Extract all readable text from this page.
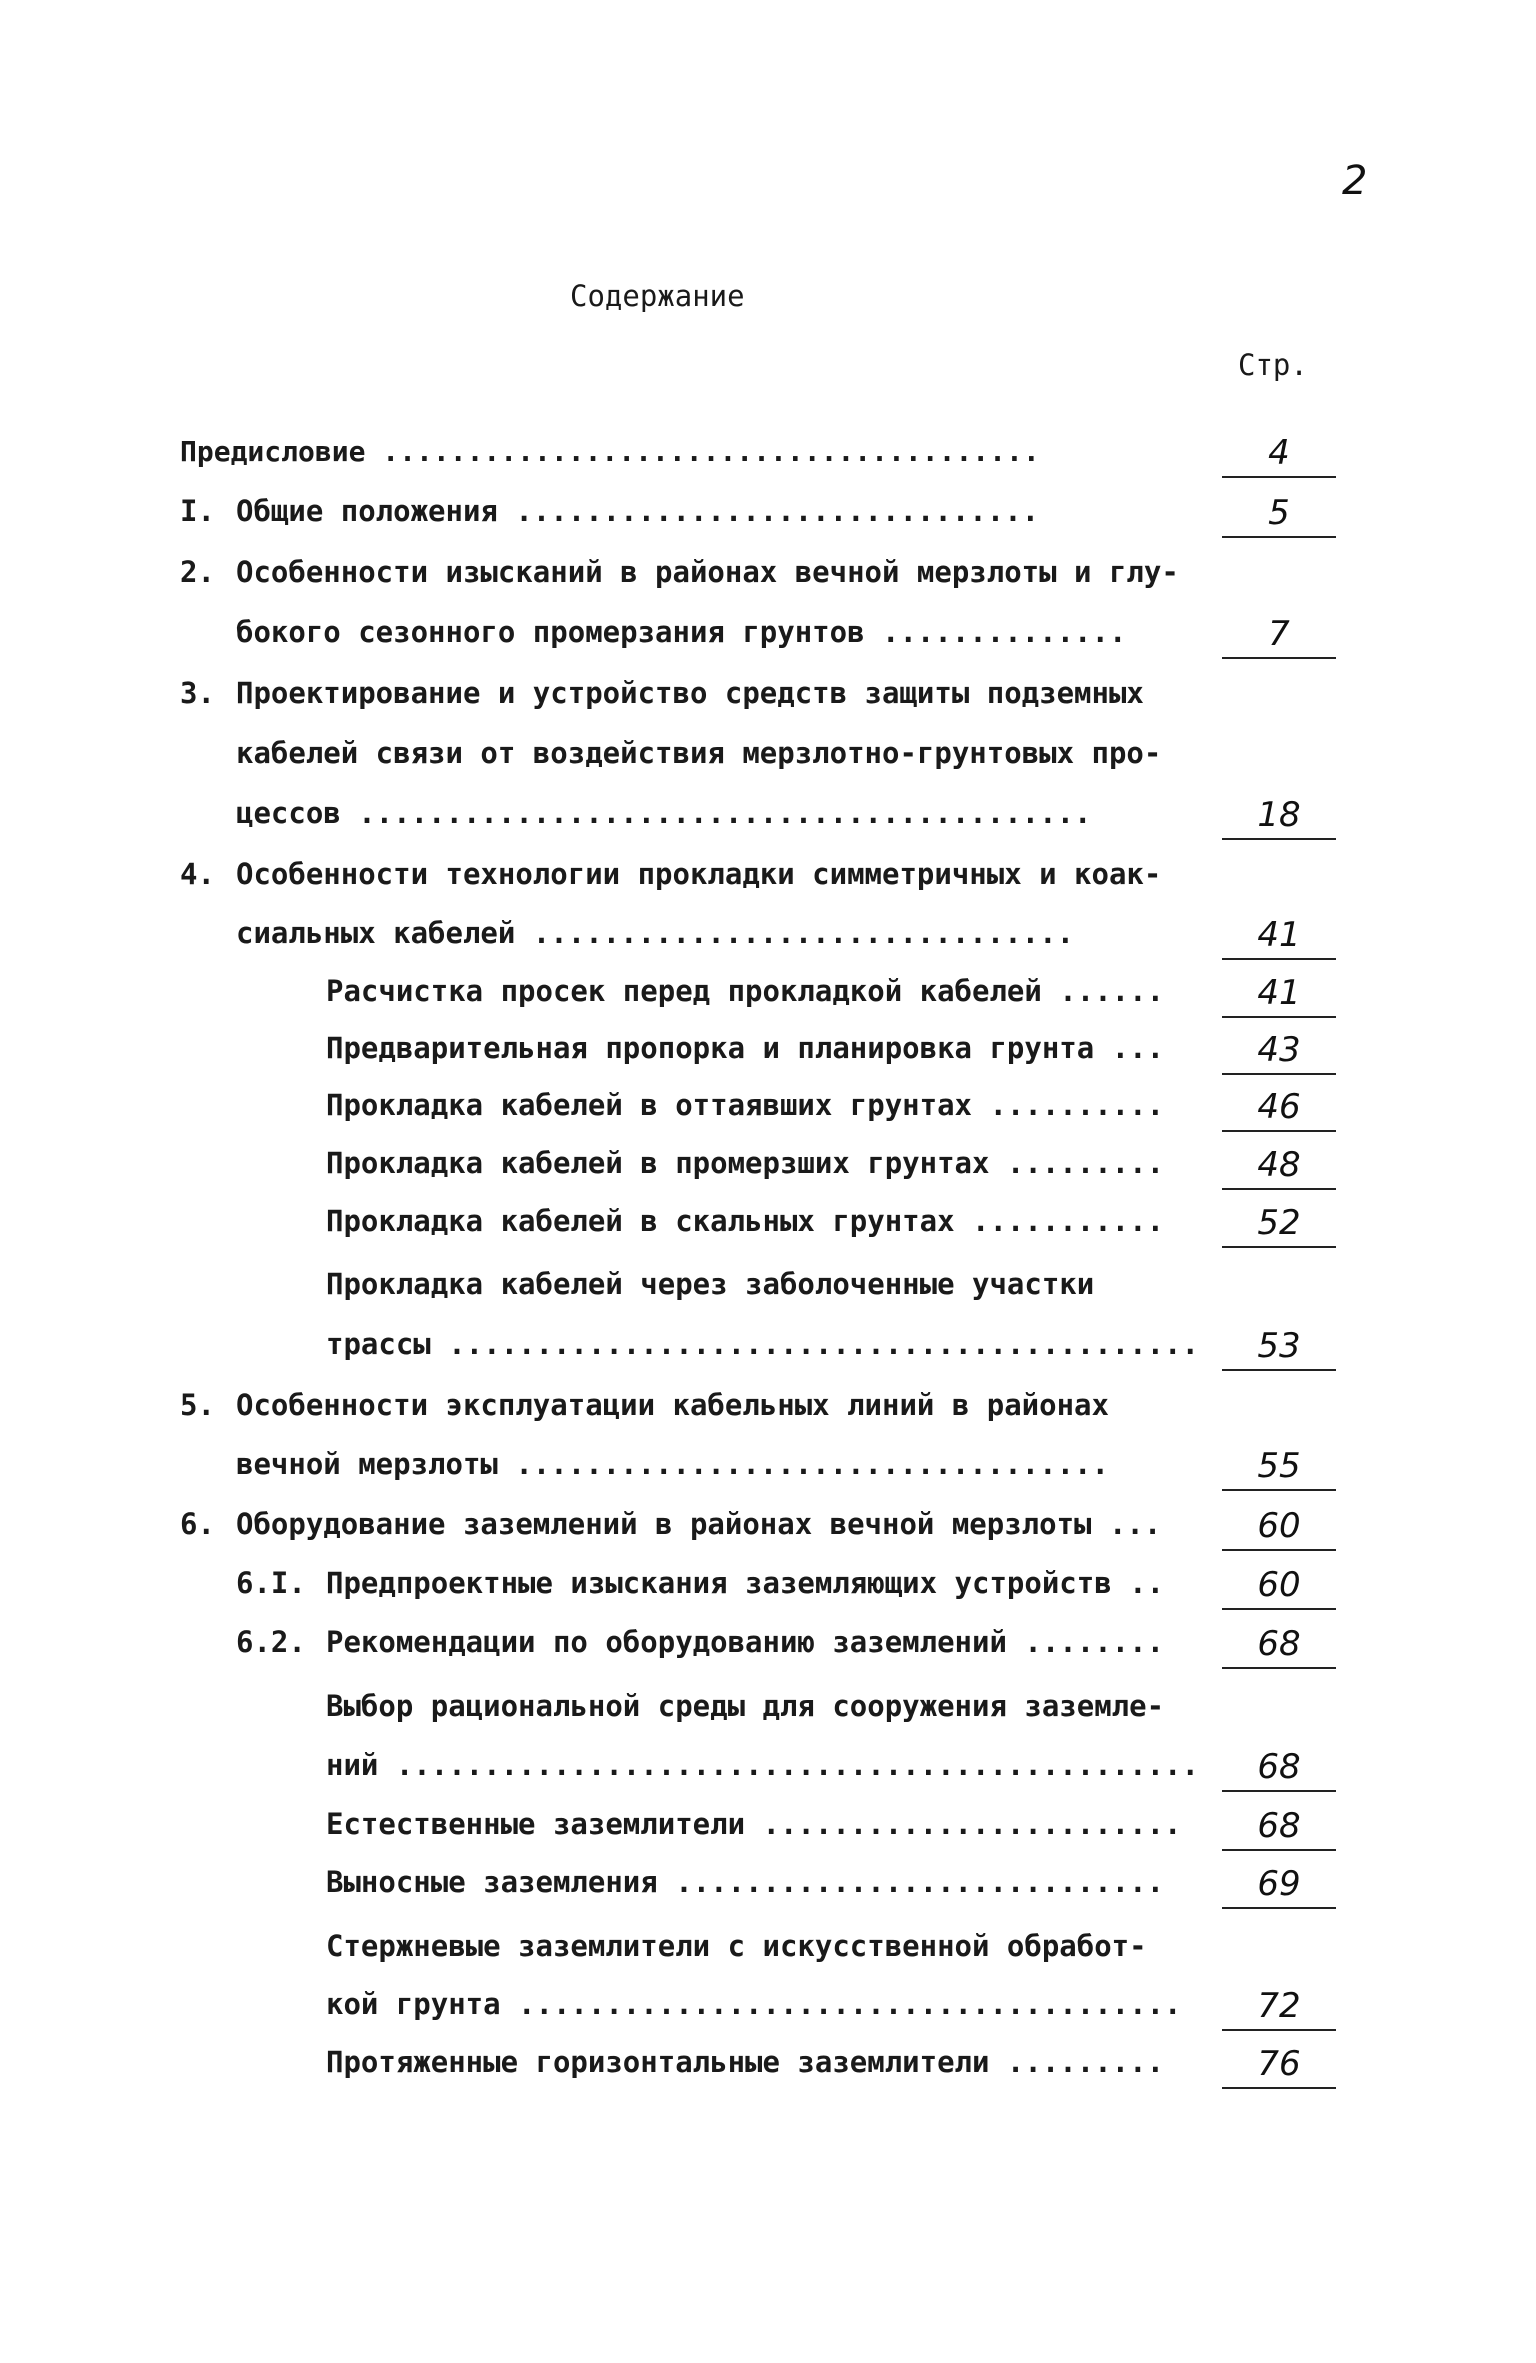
2
Содержание
Стр.
Предисловие .......................................	4
I. Общие положения ..............................	5
2. Особенности изысканий в районах вечной мерзлоты и глу-
бокого сезонного промерзания грунтов ..............	7
3. Проектирование и устройство средств защиты подземных
кабелей связи от воздействия мерзлотно-грунтовых про-
цессов ..........................................	18
4. Особенности технологии прокладки симметричных и коак-
сиальных кабелей ...............................	41
Расчистка просек перед прокладкой кабелей ......	41
Предварительная пропорка и планировка грунта ...	43
Прокладка кабелей в оттаявших грунтах ..........	46
Прокладка кабелей в промерзших грунтах .........	48
Прокладка кабелей в скальных грунтах ...........	52
Прокладка кабелей через заболоченные участки
трассы ...........................................	53
5. Особенности эксплуатации кабельных линий в районах
вечной мерзлоты ..................................	55
6. Оборудование заземлений в районах вечной мерзлоты ...	60
6.I. Предпроектные изыскания заземляющих устройств ..	60
6.2. Рекомендации по оборудованию заземлений ........	68
Выбор рациональной среды для сооружения заземле-
ний ..............................................	68
Естественные заземлители ........................	68
Выносные заземления ............................	69
Стержневые заземлители с искусственной обработ-
кой грунта ......................................	72
Протяженные горизонтальные заземлители .........	76
